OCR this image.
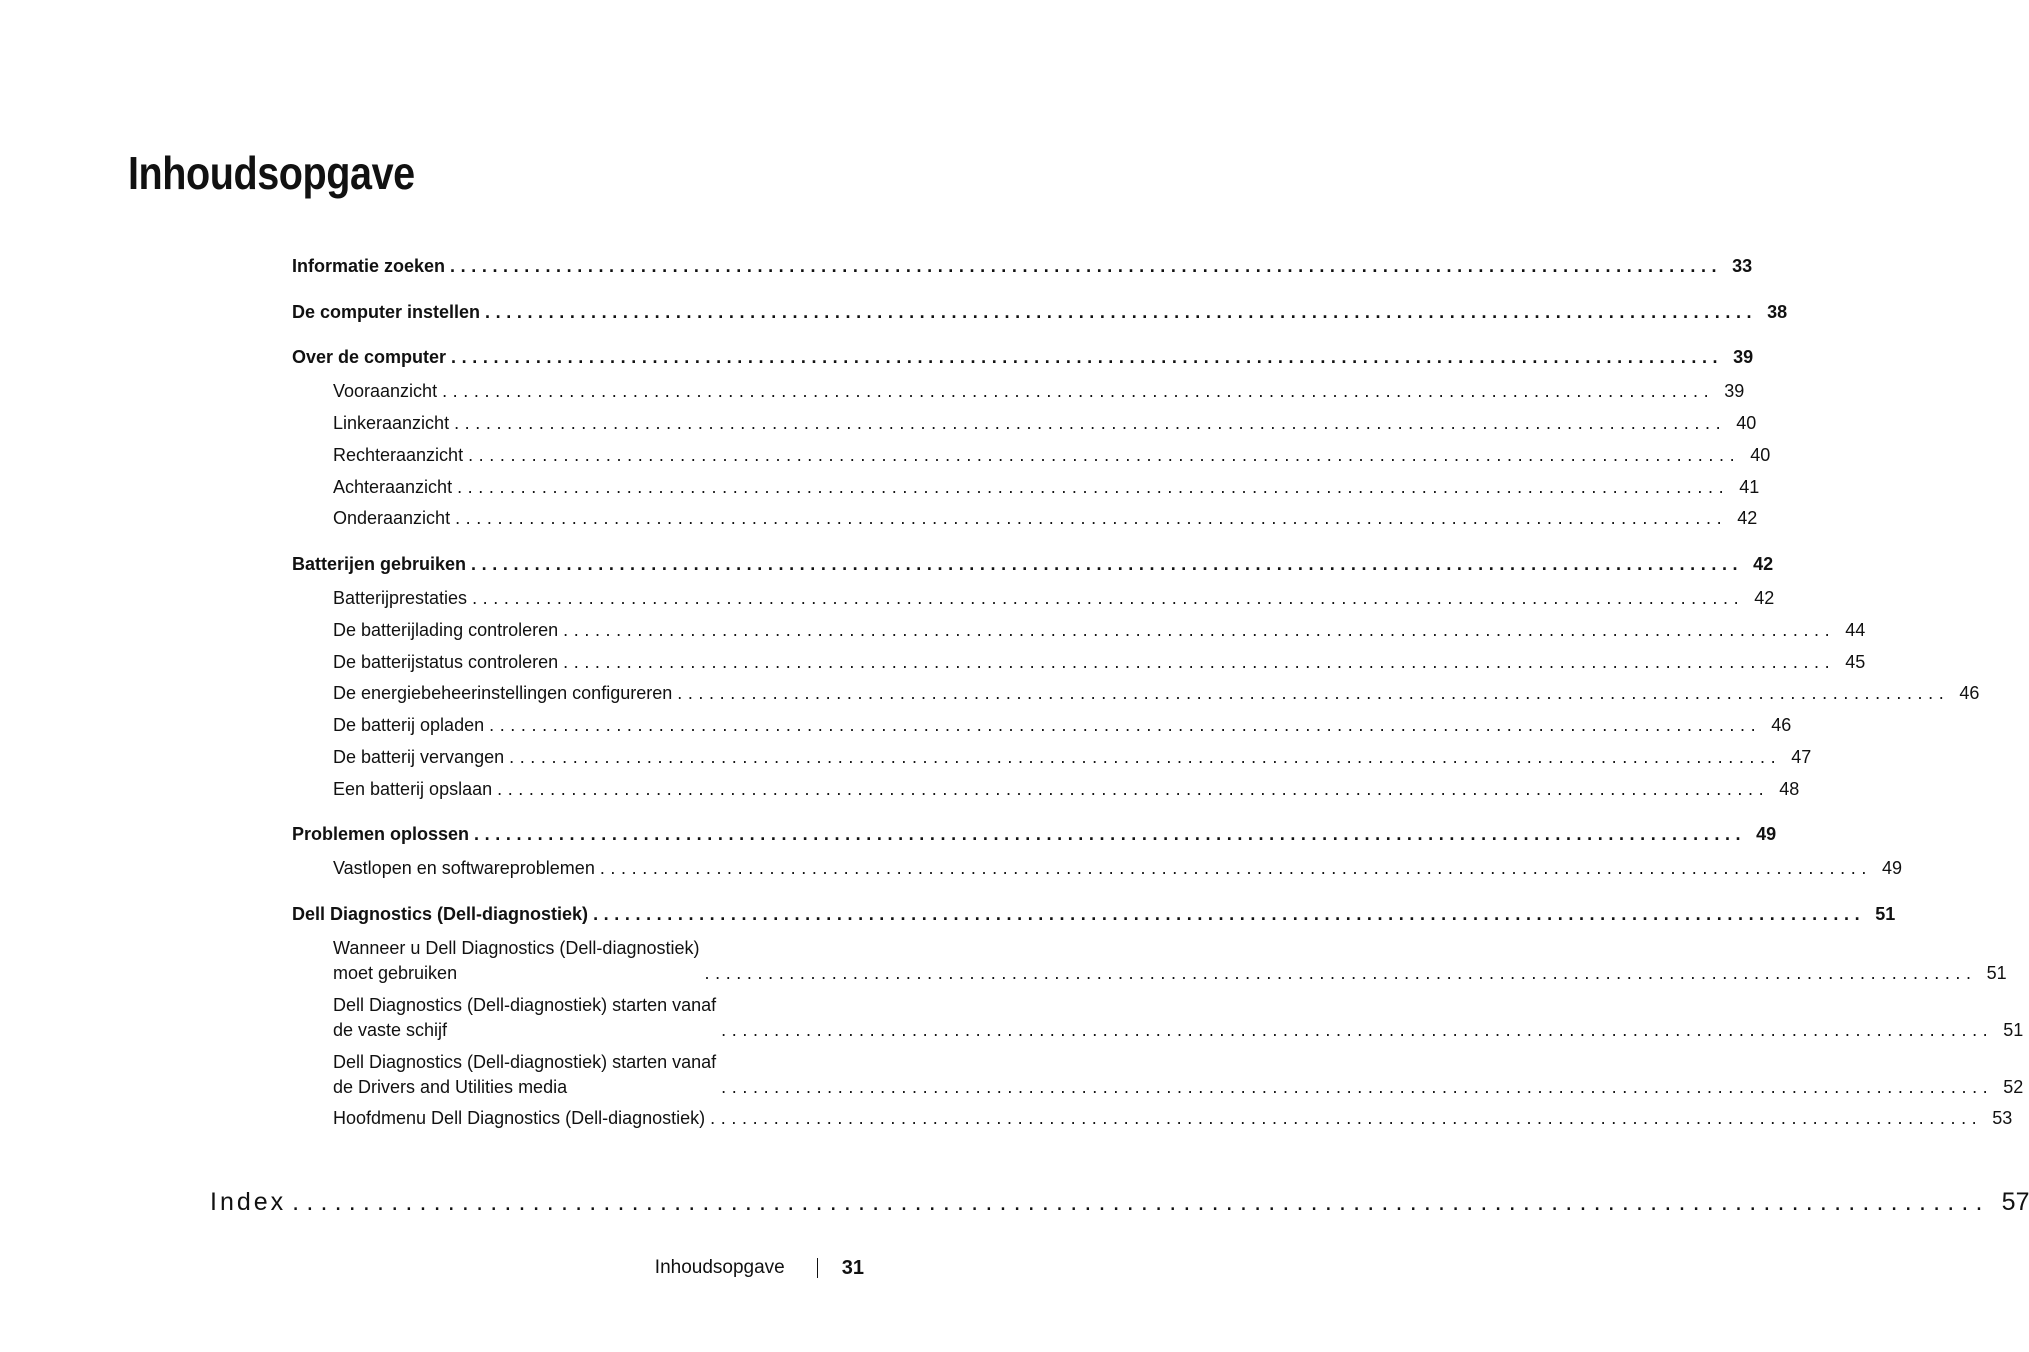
Inhoudsopgave
Informatie zoeken ........................................................................................................................ 33
De computer instellen ........................................................................................................................ 38
Over de computer ........................................................................................................................ 39
Vooraanzicht ........................................................................................................................ 39
Linkeraanzicht ........................................................................................................................ 40
Rechteraanzicht ........................................................................................................................ 40
Achteraanzicht ........................................................................................................................ 41
Onderaanzicht ........................................................................................................................ 42
Batterijen gebruiken ........................................................................................................................ 42
Batterijprestaties ........................................................................................................................ 42
De batterijlading controleren ........................................................................................................................ 44
De batterijstatus controleren ........................................................................................................................ 45
De energiebeheerinstellingen configureren ........................................................................................................................ 46
De batterij opladen ........................................................................................................................ 46
De batterij vervangen ........................................................................................................................ 47
Een batterij opslaan ........................................................................................................................ 48
Problemen oplossen ........................................................................................................................ 49
Vastlopen en softwareproblemen ........................................................................................................................ 49
Dell Diagnostics (Dell-diagnostiek) ........................................................................................................................ 51
Wanneer u Dell Diagnostics (Dell-diagnostiek)
moet gebruiken	........................................................................................................................ 51
Dell Diagnostics (Dell-diagnostiek) starten vanaf
de vaste schijf	........................................................................................................................ 51
Dell Diagnostics (Dell-diagnostiek) starten vanaf
de Drivers and Utilities media	........................................................................................................................ 52
Hoofdmenu Dell Diagnostics (Dell-diagnostiek) ........................................................................................................................ 53
Index ........................................................................................................................ 57
Inhoudsopgave	31
